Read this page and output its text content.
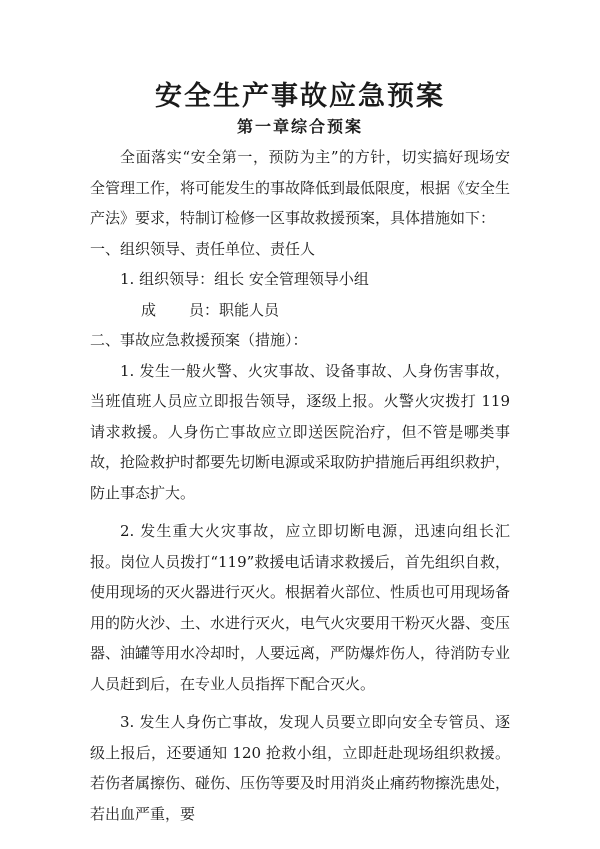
安全生产事故应急预案
第一章综合预案

全面落实“安全第一，预防为主”的方针，切实搞好现场安全管理工作，将可能发生的事故降低到最低限度，根据《安全生产法》要求，特制订检修一区事故救援预案，具体措施如下：

一、组织领导、责任单位、责任人

1. 组织领导：组长 安全管理领导小组

成 员：职能人员

二、事故应急救援预案（措施）：

1. 发生一般火警、火灾事故、设备事故、人身伤害事故，当班值班人员应立即报告领导，逐级上报。火警火灾拨打 119 请求救援。人身伤亡事故应立即送医院治疗，但不管是哪类事故，抢险救护时都要先切断电源或采取防护措施后再组织救护，防止事态扩大。

2. 发生重大火灾事故，应立即切断电源，迅速向组长汇报。岗位人员拨打“119”救援电话请求救援后，首先组织自救，使用现场的灭火器进行灭火。根据着火部位、性质也可用现场备用的防火沙、土、水进行灭火，电气火灾要用干粉灭火器、变压器、油罐等用水冷却时，人要远离，严防爆炸伤人，待消防专业人员赶到后，在专业人员指挥下配合灭火。

3. 发生人身伤亡事故，发现人员要立即向安全专管员、逐级上报后，还要通知 120 抢救小组，立即赶赴现场组织救援。若伤者属擦伤、碰伤、压伤等要及时用消炎止痛药物擦洗患处，若出血严重，要
